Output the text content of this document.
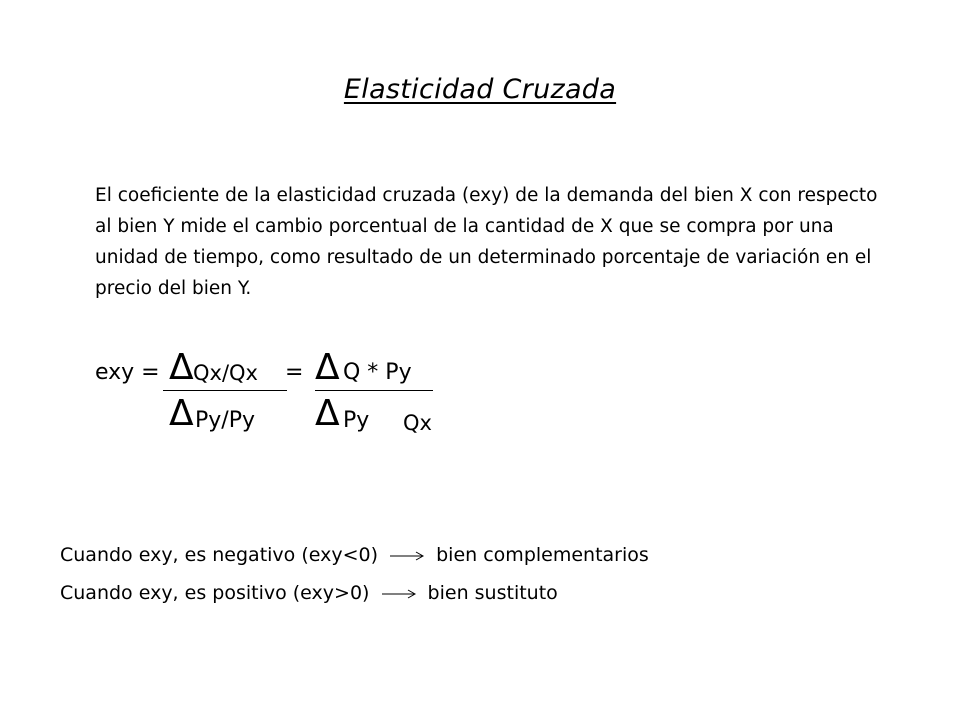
Elasticidad Cruzada
El coeficiente de la elasticidad cruzada (exy) de la demanda del bien X con respecto al bien Y mide el cambio porcentual de la cantidad de X que se compra por una unidad de tiempo, como resultado de un determinado porcentaje de variación en el precio del bien Y.
exy = Δ Qx/Qx = Δ Q * Py
Δ Py/Py Δ Py Qx
Cuando exy, es negativo (exy<0)	bien complementarios
Cuando exy, es positivo (exy>0)	bien sustituto
